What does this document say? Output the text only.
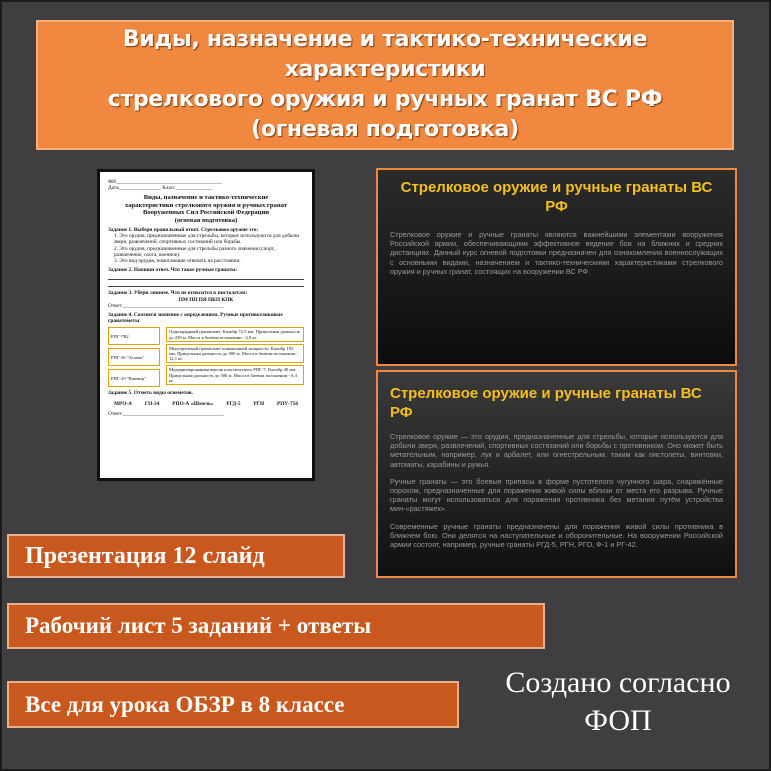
Виды, назначение и тактико-технические характеристики
стрелкового оружия и ручных гранат ВС РФ
(огневая подготовка)
ФИ________________________________________
Дата________________ Класс______________
Виды, назначение и тактико-технические
характеристики стрелкового оружия и ручных гранат
Вооруженных Сил Российской Федерации
(огневая подготовка)
Задание 1. Выбери правильный ответ. Стрелковое оружие это:
1. Это орудия, предназначенные для стрельбы, которые используются для добычи зверя, развлечений, спортивных состязаний или борьбы.
2. Это орудия, предназначенные для стрельбы разного значения (спорт, развлечение, охота, военное).
3. Это вид орудия, помогающие отвечать на расстоянии.
Задание 2. Напиши ответ. Что такое ручные гранаты:
Задание 3. Убери лишнее. Что не относится к пистолетам:
ПМ ПП ПЯ ПКП КПК
Ответ:______________________________________
Задание 4. Соотнеси значение с определением. Ручные противотанковые гранатометы
РПГ-7В2
РПГ-26 "Аглень"
РПГ-29 "Вампир"
Однозарядный гранатомет. Калибр 72,5 мм. Прицельная дальность до 250 м. Масса в боевом положении - 2,9 кг.
Многоразовый гранатомет повышенной мощности. Калибр 105 мм. Прицельная дальность до 500 м. Масса в боевом положении - 12,1 кг.
Модернизированная версия классического РПГ-7. Калибр 40 мм. Прицельная дальность до 500 м. Масса в боевом положении - 6,3 кг.
Задание 5. Отметь виды огнеметов.
МРО-А ГП-34 РПО-А «Шмель» РГД-5 РГН РПУ-756
Ответ:______________________________________
Стрелковое оружие и ручные гранаты ВС РФ
Стрелковое оружие и ручные гранаты являются важнейшими элементами вооружения Российской армии, обеспечивающими эффективное ведение боя на ближних и средних дистанциях. Данный курс огневой подготовки предназначен для ознакомления военнослужащих с основными видами, назначением и тактико-техническими характеристиками стрелкового оружия и ручных гранат, состоящих на вооружении ВС РФ.
Стрелковое оружие и ручные гранаты ВС РФ
Стрелковое оружие — это орудия, предназначенные для стрельбы, которые используются для добычи зверя, развлечений, спортивных состязаний или борьбы с противником. Оно может быть метательным, например, лук и арбалет, или огнестрельным, таким как пистолеты, винтовки, автоматы, карабины и ружья.
Ручные гранаты — это боевые припасы в форме пустотелого чугунного шара, снаряжённые порохом, предназначенные для поражения живой силы вблизи от места его разрыва. Ручные гранаты могут использоваться для поражения противника без метания путём устройства мин-«растяжек».
Современные ручные гранаты предназначены для поражения живой силы противника в ближнем бою. Они делятся на наступательные и оборонительные. На вооружении Российской армии состоят, например, ручные гранаты РГД-5, РГН, РГО, Ф-1 и РГ-42.
Презентация 12 слайд
Рабочий лист 5 заданий + ответы
Все для урока ОБЗР в 8 классе
Создано согласно
ФОП
